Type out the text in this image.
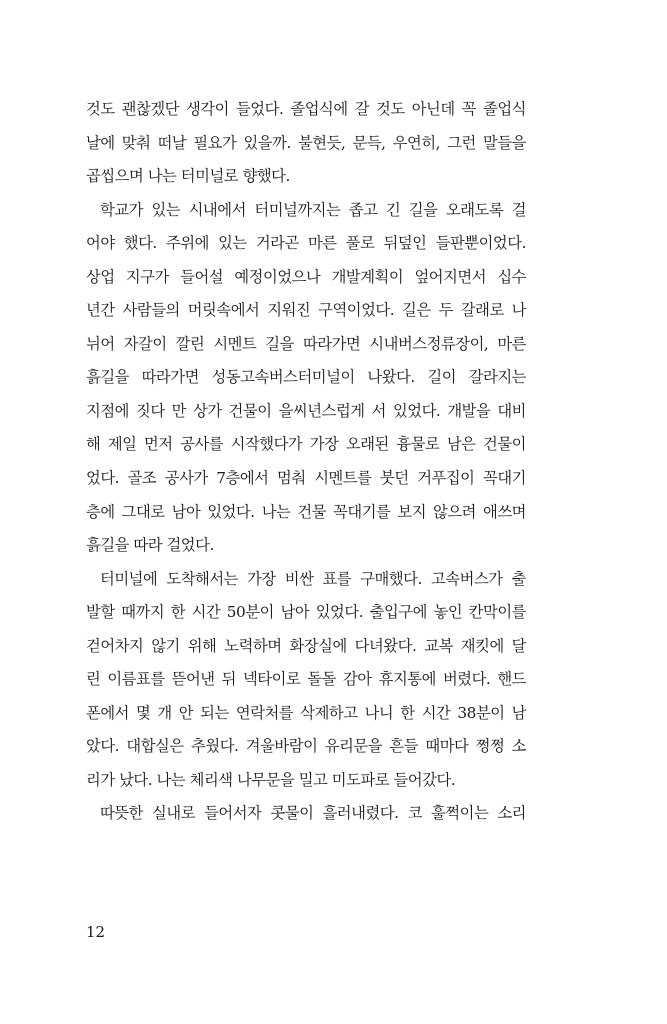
것도 괜찮겠단 생각이 들었다. 졸업식에 갈 것도 아닌데 꼭 졸업식
날에 맞춰 떠날 필요가 있을까. 불현듯, 문득, 우연히, 그런 말들을
곱씹으며 나는 터미널로 향했다.
학교가 있는 시내에서 터미널까지는 좁고 긴 길을 오래도록 걸
어야 했다. 주위에 있는 거라곤 마른 풀로 뒤덮인 들판뿐이었다.
상업 지구가 들어설 예정이었으나 개발계획이 엎어지면서 십수
년간 사람들의 머릿속에서 지워진 구역이었다. 길은 두 갈래로 나
뉘어 자갈이 깔린 시멘트 길을 따라가면 시내버스정류장이, 마른
흙길을 따라가면 성동고속버스터미널이 나왔다. 길이 갈라지는
지점에 짓다 만 상가 건물이 을씨년스럽게 서 있었다. 개발을 대비
해 제일 먼저 공사를 시작했다가 가장 오래된 흉물로 남은 건물이
었다. 골조 공사가 7층에서 멈춰 시멘트를 붓던 거푸집이 꼭대기
층에 그대로 남아 있었다. 나는 건물 꼭대기를 보지 않으려 애쓰며
흙길을 따라 걸었다.
터미널에 도착해서는 가장 비싼 표를 구매했다. 고속버스가 출
발할 때까지 한 시간 50분이 남아 있었다. 출입구에 놓인 칸막이를
걷어차지 않기 위해 노력하며 화장실에 다녀왔다. 교복 재킷에 달
린 이름표를 뜯어낸 뒤 넥타이로 돌돌 감아 휴지통에 버렸다. 핸드
폰에서 몇 개 안 되는 연락처를 삭제하고 나니 한 시간 38분이 남
았다. 대합실은 추웠다. 겨울바람이 유리문을 흔들 때마다 쩡쩡 소
리가 났다. 나는 체리색 나무문을 밀고 미도파로 들어갔다.
따뜻한 실내로 들어서자 콧물이 흘러내렸다. 코 훌쩍이는 소리
12
